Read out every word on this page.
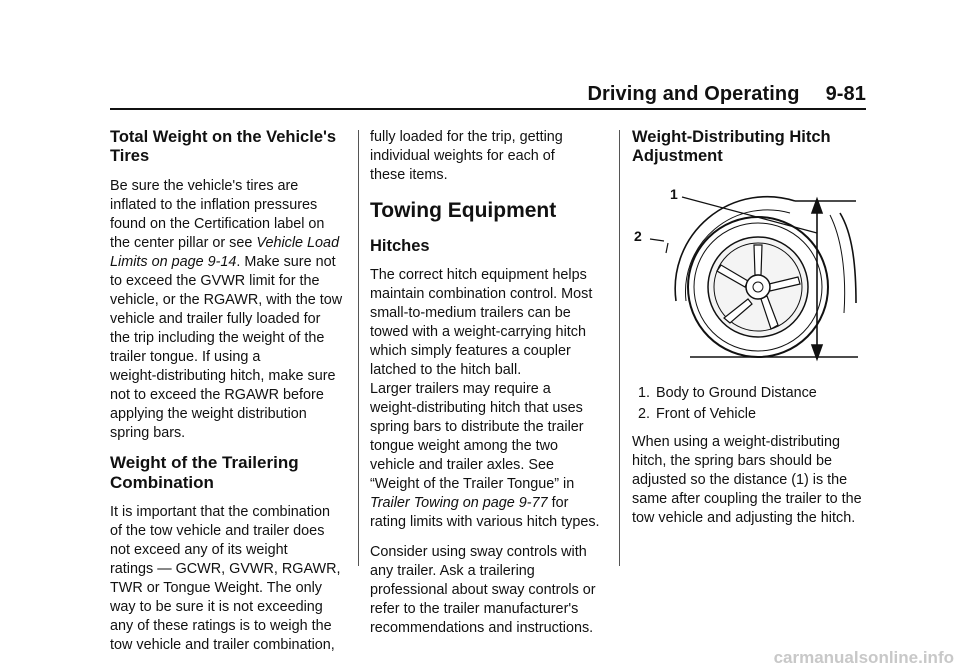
Driving and Operating 9-81

Total Weight on the Vehicle's
Tires

Be sure the vehicle's tires are
inflated to the inflation pressures
found on the Certification label on
the center pillar or see Vehicle Load
Limits on page 9-14. Make sure not
to exceed the GVWR limit for the
vehicle, or the RGAWR, with the tow
vehicle and trailer fully loaded for
the trip including the weight of the
trailer tongue. If using a
weight-distributing hitch, make sure
not to exceed the RGAWR before
applying the weight distribution
spring bars.

Weight of the Trailering
Combination

It is important that the combination
of the tow vehicle and trailer does
not exceed any of its weight
ratings — GCWR, GVWR, RGAWR,
TWR or Tongue Weight. The only
way to be sure it is not exceeding
any of these ratings is to weigh the
tow vehicle and trailer combination,

fully loaded for the trip, getting
individual weights for each of
these items.

Towing Equipment

Hitches

The correct hitch equipment helps
maintain combination control. Most
small-to-medium trailers can be
towed with a weight-carrying hitch
which simply features a coupler
latched to the hitch ball.

Larger trailers may require a
weight-distributing hitch that uses
spring bars to distribute the trailer
tongue weight among the two
vehicle and trailer axles. See
“Weight of the Trailer Tongue” in
Trailer Towing on page 9-77 for
rating limits with various hitch types.

Consider using sway controls with
any trailer. Ask a trailering
professional about sway controls or
refer to the trailer manufacturer's
recommendations and instructions.

Weight-Distributing Hitch
Adjustment

1
2

1. Body to Ground Distance

2. Front of Vehicle

When using a weight-distributing
hitch, the spring bars should be
adjusted so the distance (1) is the
same after coupling the trailer to the
tow vehicle and adjusting the hitch.

carmanualsonline.info
